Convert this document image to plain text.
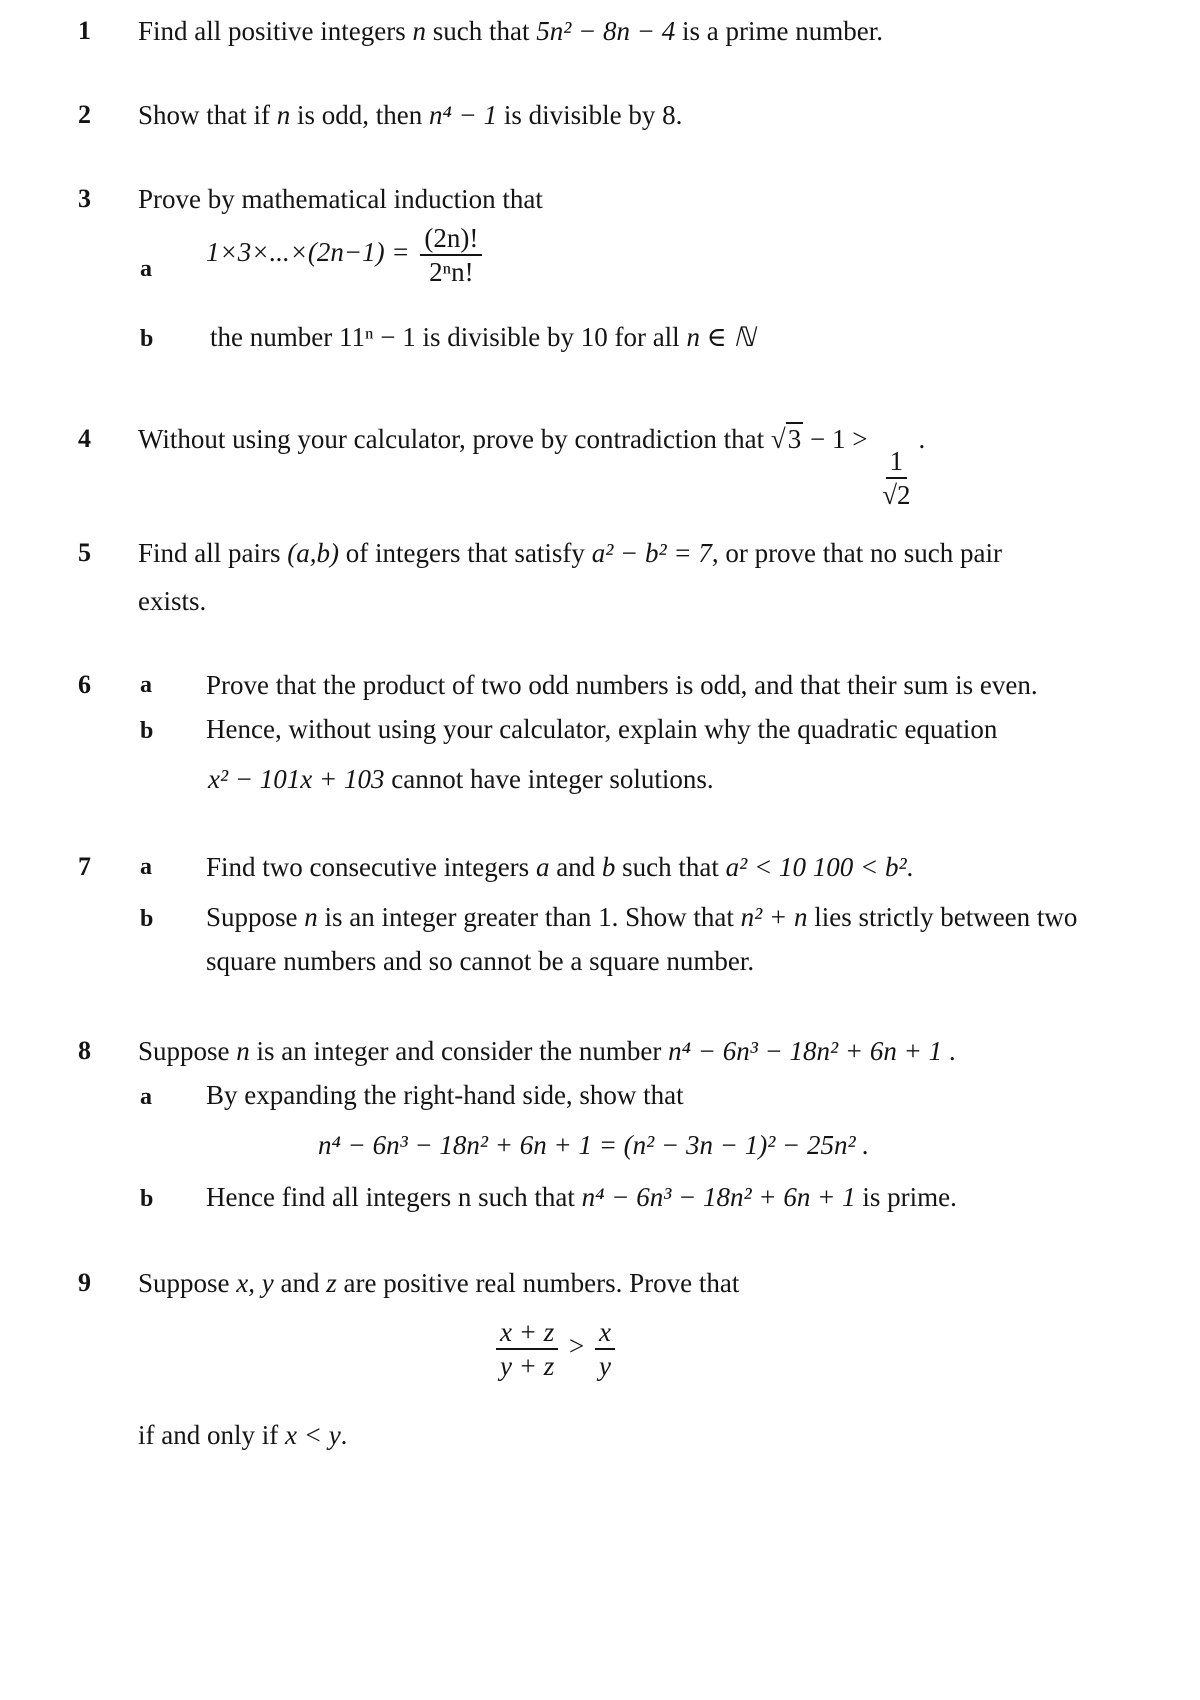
1 Find all positive integers n such that 5n² − 8n − 4 is a prime number.
2 Show that if n is odd, then n⁴ − 1 is divisible by 8.
3 Prove by mathematical induction that
a
$1\times 3\times...\times(2n-1) = \frac{(2n)!}{\text{2ⁿn!}}$
b the number 11ⁿ − 1 is divisible by 10 for all n ∈ ℕ
4 Without using your calculator, prove by contradiction that √3 − 1 >
$\frac{1}{√2}$
.
5 Find all pairs (a,b) of integers that satisfy a² − b² = 7, or prove that no such pair
exists.
6 a Prove that the product of two odd numbers is odd, and that their sum is even.
b Hence, without using your calculator, explain why the quadratic equation
x² − 101x + 103 cannot have integer solutions.
7 a Find two consecutive integers a and b such that a² < 10 100 < b².
b Suppose n is an integer greater than 1. Show that n² + n lies strictly between two
square numbers and so cannot be a square number.
8 Suppose n is an integer and consider the number n⁴ − 6n³ − 18n² + 6n + 1 .
a By expanding the right-hand side, show that
n⁴ − 6n³ − 18n² + 6n + 1 = (n² − 3n − 1)² − 25n² .
b Hence find all integers n such that n⁴ − 6n³ − 18n² + 6n + 1 is prime.
9 Suppose x, y and z are positive real numbers. Prove that
$\frac{x + z}{y + z} > \frac{x}{y}$
if and only if x < y.
